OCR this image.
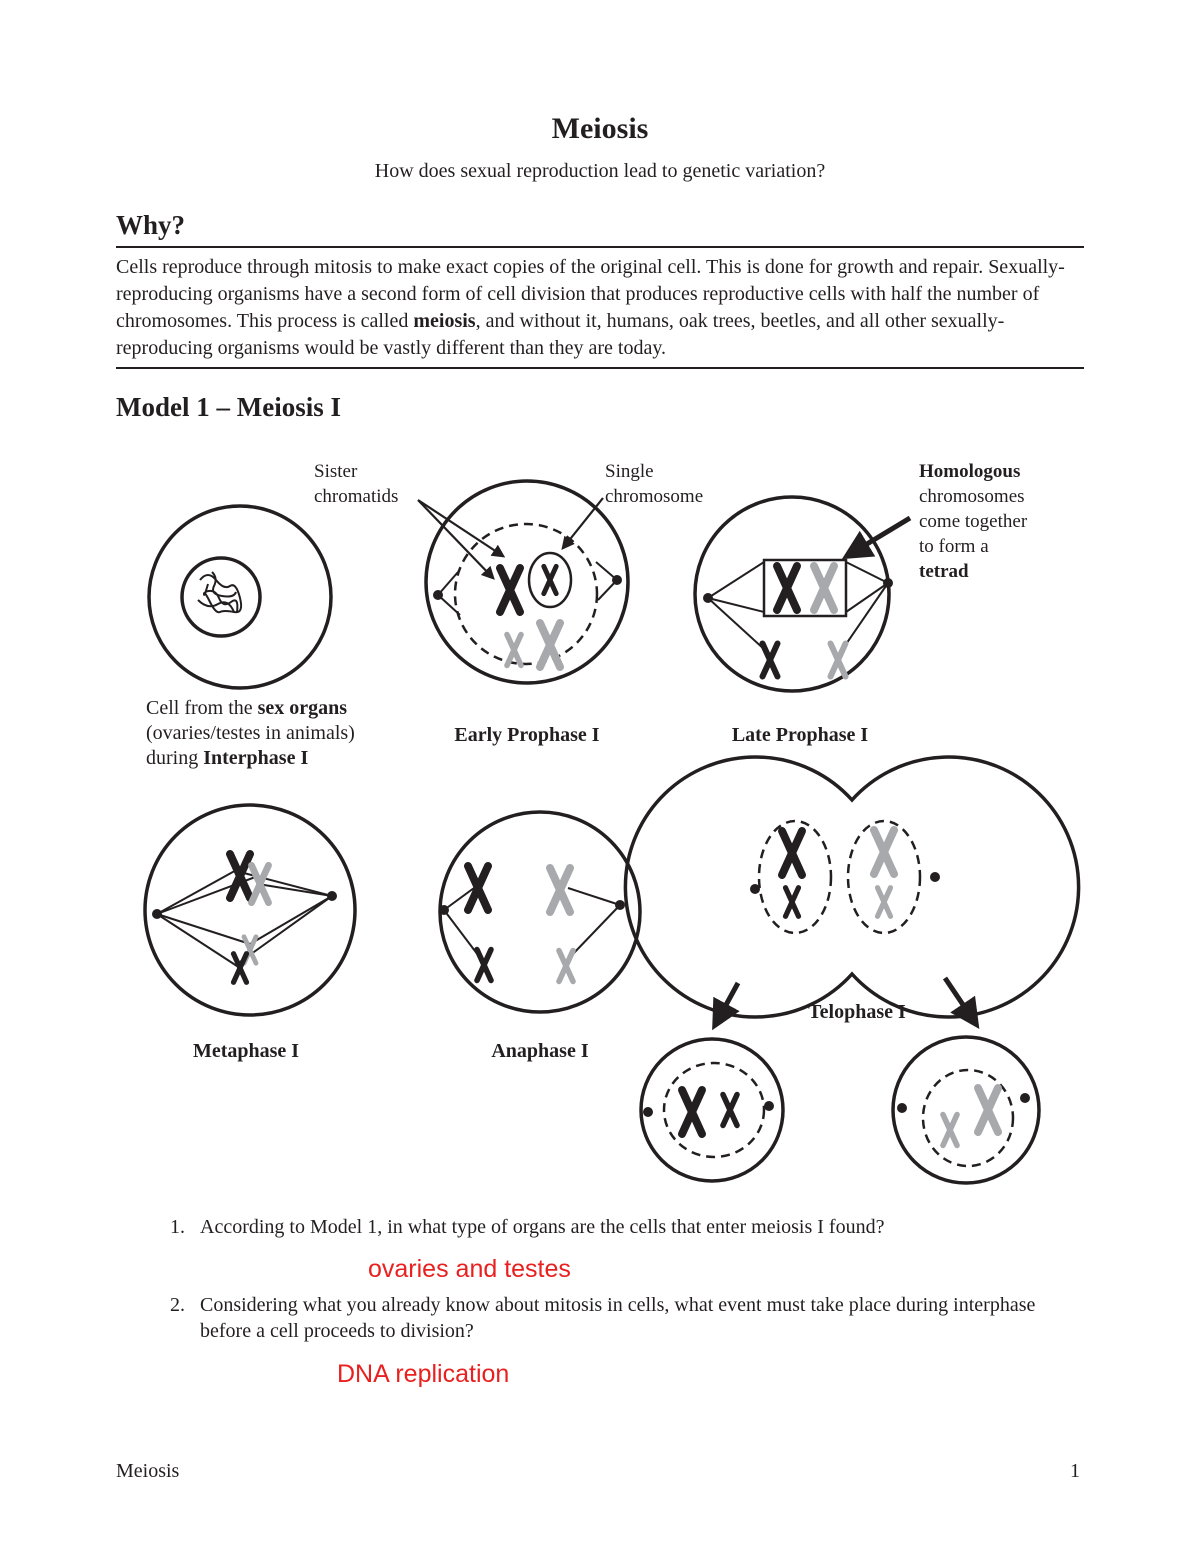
Meiosis
How does sexual reproduction lead to genetic variation?
Why?
Cells reproduce through mitosis to make exact copies of the original cell. This is done for growth and repair. Sexually-reproducing organisms have a second form of cell division that produces reproductive cells with half the number of chromosomes. This process is called meiosis, and without it, humans, oak trees, beetles, and all other sexually-reproducing organisms would be vastly different than they are today.
Model 1 – Meiosis I
Sister
chromatids
Single
chromosome
Homologous
chromosomes
come together
to form a
tetrad
Cell from the sex organs
(ovaries/testes in animals)
during Interphase I
Early Prophase I	Late Prophase I
Metaphase I	Anaphase I
Telophase I
1. According to Model 1, in what type of organs are the cells that enter meiosis I found?
ovaries and testes
2. Considering what you already know about mitosis in cells, what event must take place during interphase before a cell proceeds to division?
DNA replication
Meiosis	1
